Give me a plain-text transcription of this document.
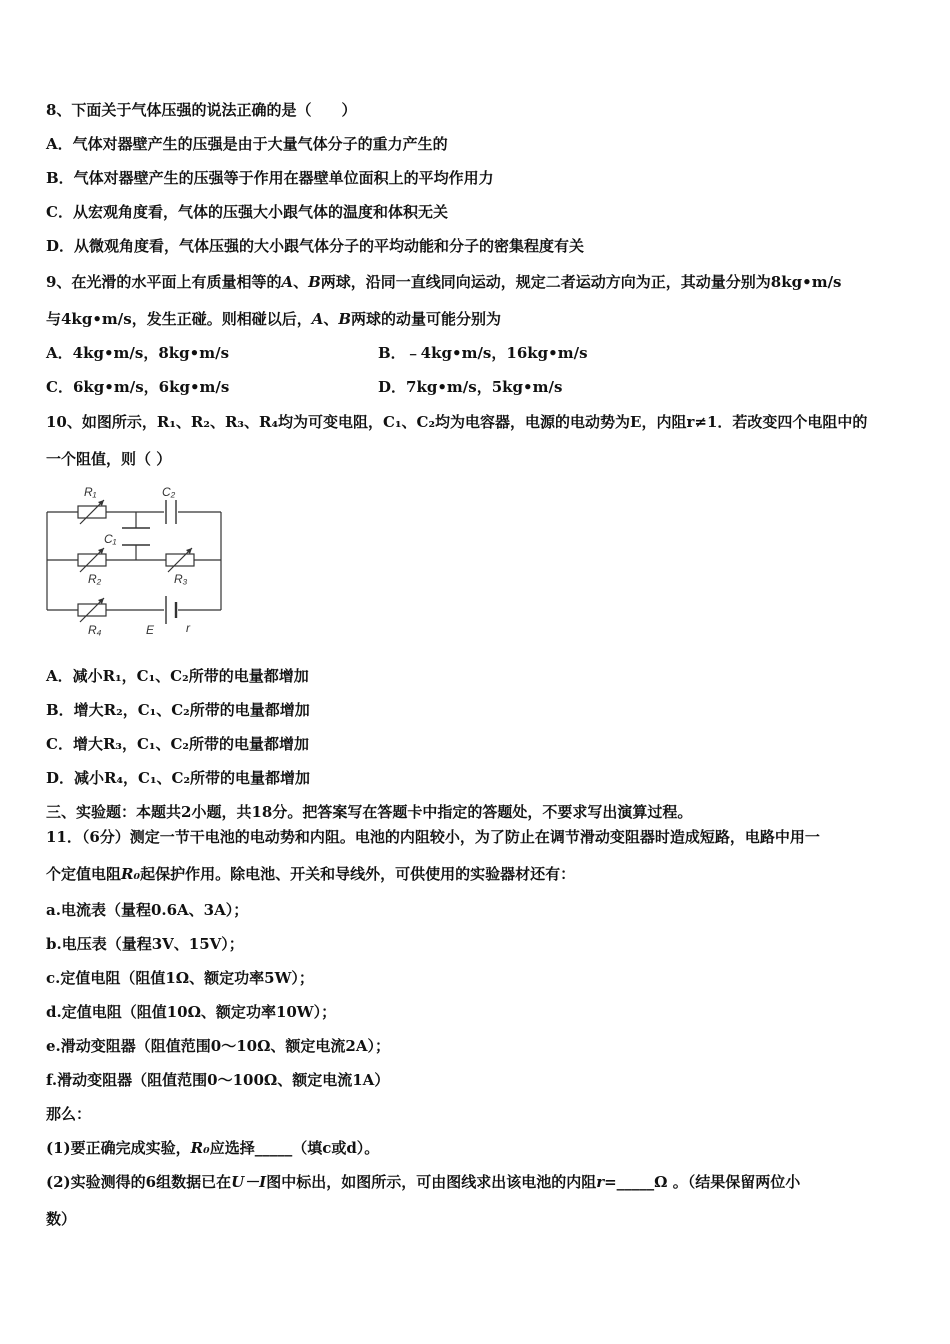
8、下面关于气体压强的说法正确的是（　　）
A．气体对器壁产生的压强是由于大量气体分子的重力产生的
B．气体对器壁产生的压强等于作用在器壁单位面积上的平均作用力
C．从宏观角度看，气体的压强大小跟气体的温度和体积无关
D．从微观角度看，气体压强的大小跟气体分子的平均动能和分子的密集程度有关
9、在光滑的水平面上有质量相等的A、B两球，沿同一直线同向运动，规定二者运动方向为正，其动量分别为8kg•m/s
与4kg•m/s，发生正碰。则相碰以后，A、B两球的动量可能分别为
A．4kg•m/s，8kg•m/s	B．﹣4kg•m/s，16kg•m/s
C．6kg•m/s，6kg•m/s	D．7kg•m/s，5kg•m/s
10、如图所示，R₁、R₂、R₃、R₄均为可变电阻，C₁、C₂均为电容器，电源的电动势为E，内阻r≠1．若改变四个电阻中的
一个阻值，则（ ）
R₁	C₂
C₁
R₂	R₃
R₄	E	r
A．减小R₁，C₁、C₂所带的电量都增加
B．增大R₂，C₁、C₂所带的电量都增加
C．增大R₃，C₁、C₂所带的电量都增加
D．减小R₄，C₁、C₂所带的电量都增加
三、实验题：本题共2小题，共18分。把答案写在答题卡中指定的答题处，不要求写出演算过程。
11．（6分）测定一节干电池的电动势和内阻。电池的内阻较小，为了防止在调节滑动变阻器时造成短路，电路中用一
个定值电阻R₀起保护作用。除电池、开关和导线外，可供使用的实验器材还有：
a.电流表（量程0.6A、3A）；
b.电压表（量程3V、15V）；
c.定值电阻（阻值1Ω、额定功率5W）；
d.定值电阻（阻值10Ω、额定功率10W）；
e.滑动变阻器（阻值范围0～10Ω、额定电流2A）；
f.滑动变阻器（阻值范围0～100Ω、额定电流1A）
那么：
(1)要正确完成实验，R₀应选择_____（填c或d）。
(2)实验测得的6组数据已在U－I图中标出，如图所示，可由图线求出该电池的内阻r=_____Ω 。（结果保留两位小
数）
